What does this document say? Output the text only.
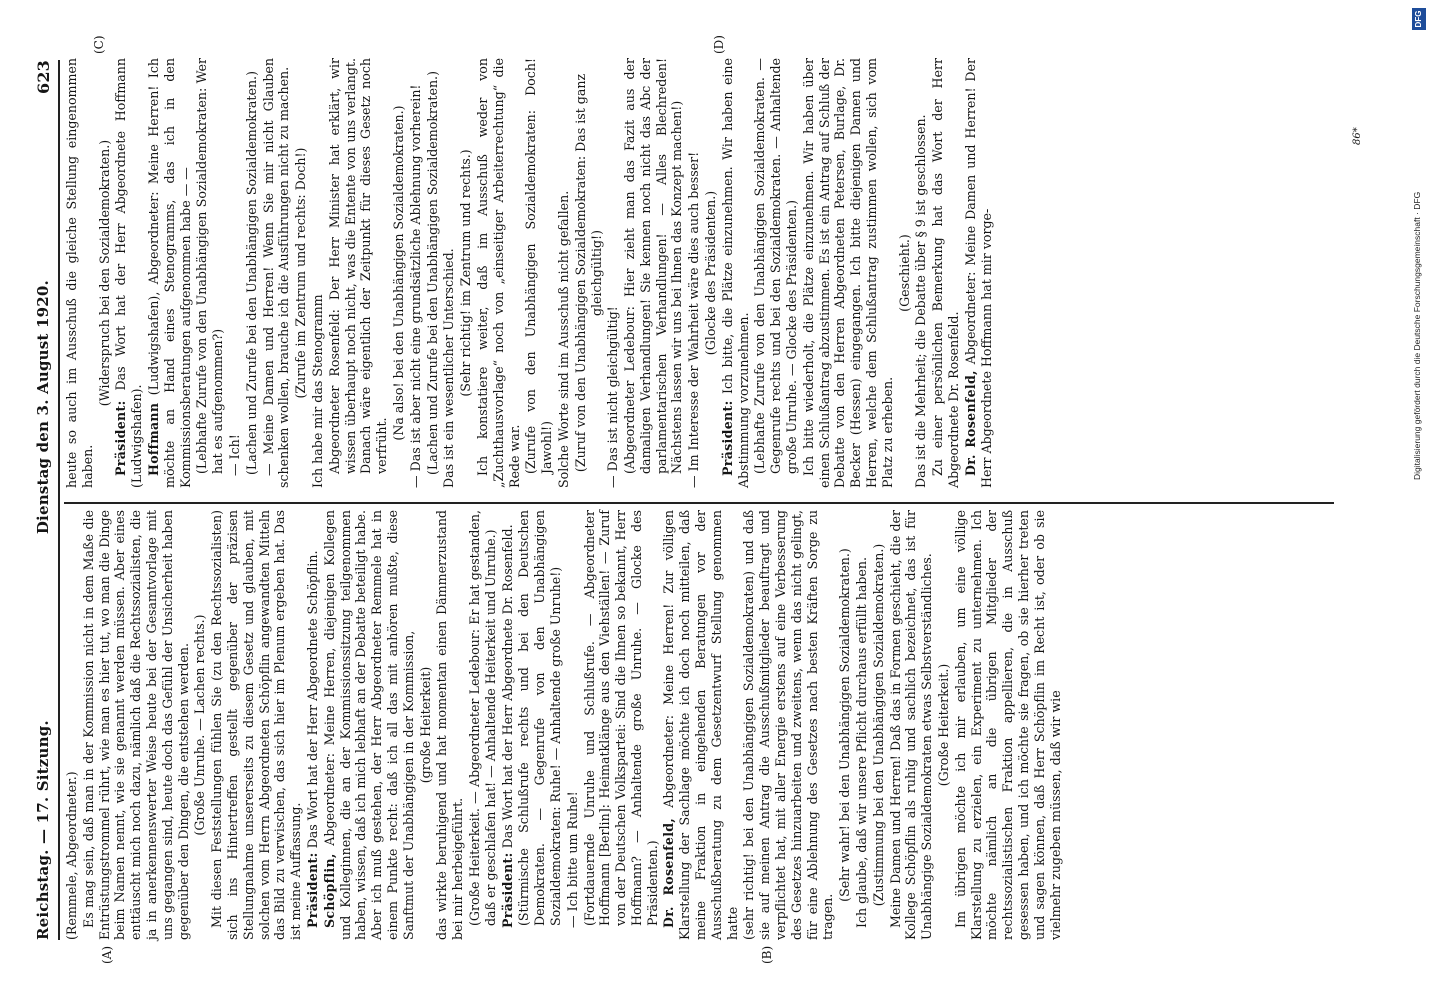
Reichstag. — 17. Sitzung.
Dienstag den 3. August 1920.
623
(A)	(B)
(C)	(D)

(Remmele, Abgeordneter.) Es mag sein, daß man in der Kommission nicht in dem Maße die Entrüstungstrommel rührt, wie man es hier tut, wo man die Dinge beim Namen nennt, wie sie genannt werden müssen. Aber eines enttäuscht mich noch dazu, nämlich daß die Rechtssozialisten, die ja in anerkennenswerter Weise heute bei der Gesamtvorlage mit uns gegangen sind, heute doch das Gefühl der Unsicherheit haben gegenüber den Dingen, die entstehen werden. (Große Unruhe. — Lachen rechts.) Mit diesen Feststellungen fühlen Sie (zu den Rechtssozialisten) sich ins Hintertreffen gestellt gegenüber der präzisen Stellungnahme unsererseits zu diesem Gesetz und glauben, mit solchen vom Herrn Abgeordneten Schöpflin angewandten Mitteln das Bild zu verwischen, das sich hier im Plenum ergeben hat. Das ist meine Auffassung. Präsident: Das Wort hat der Herr Abgeordnete Schöpflin.

Schöpflin, Abgeordneter: Meine Herren, diejenigen Kollegen und Kolleginnen, die an der Kommissionssitzung teilgenommen haben, wissen, daß ich mich lebhaft an der Debatte beteiligt habe. Aber ich muß gestehen, der Herr Abgeordneter Remmele hat in einem Punkte recht: daß ich all das mit anhören mußte, diese Sanftmut der Unabhängigen in der Kommission, (große Heiterkeit) das wirkte beruhigend und hat momentan einen Dämmerzustand bei mir herbeigeführt. (Große Heiterkeit. — Abgeordneter Ledebour: Er hat gestanden, daß er geschlafen hat! — Anhaltende Heiterkeit und Unruhe.) Präsident: Das Wort hat der Herr Abgeordnete Dr. Rosenfeld. (Stürmische Schlußrufe rechts und bei den Deutschen Demokraten. — Gegenrufe von den Unabhängigen Sozialdemokraten: Ruhe! — Anhaltende große Unruhe!) — Ich bitte um Ruhe! (Fortdauernde Unruhe und Schlußrufe. — Abgeordneter Hoffmann [Berlin]: Heimatklänge aus den Viehställen! — Zuruf von der Deutschen Volkspartei: Sind die Ihnen so bekannt, Herr Hoffmann? — Anhaltende große Unruhe. — Glocke des Präsidenten.) Dr. Rosenfeld, Abgeordneter: Meine Herren! Zur völligen Klarstellung der Sachlage möchte ich doch noch mitteilen, daß meine Fraktion in eingehenden Beratungen vor der Ausschußberatung zu dem Gesetzentwurf Stellung genommen hatte (sehr richtig! bei den Unabhängigen Sozialdemokraten) und daß sie auf meinen Antrag die Ausschußmitglieder beauftragt und verpflichtet hat, mit aller Energie erstens auf eine Verbesserung des Gesetzes hinzuarbeiten und zweitens, wenn das nicht gelingt, für eine Ablehnung des Gesetzes nach besten Kräften Sorge zu tragen.

(Sehr wahr! bei den Unabhängigen Sozialdemokraten.) Ich glaube, daß wir unsere Pflicht durchaus erfüllt haben. (Zustimmung bei den Unabhängigen Sozialdemokraten.) Meine Damen und Herren! Daß das in Formen geschieht, die der Kollege Schöpflin als ruhig und sachlich bezeichnet, das ist für Unabhängige Sozialdemokraten etwas Selbstverständliches. (Große Heiterkeit.) Im übrigen möchte ich mir erlauben, um eine völlige Klarstellung zu erzielen, ein Experiment zu unternehmen. Ich möchte nämlich an die übrigen Mitglieder der rechtssozialistischen Fraktion appellieren, die in Ausschuß gesessen haben, und ich möchte sie fragen, ob sie hierher treten und sagen können, daß Herr Schöpflin im Recht ist, oder ob sie vielmehr zugeben müssen, daß wir wie

heute so auch im Ausschuß die gleiche Stellung eingenommen haben.

(Widerspruch bei den Sozialdemokraten.)

Präsident: Das Wort hat der Herr Abgeordnete Hoffmann (Ludwigshafen). Hoffmann (Ludwigshafen), Abgeordneter: Meine Herren! Ich möchte an Hand eines Stenogramms, das ich in den Kommissionsberatungen aufgenommen habe — — (Lebhafte Zurufe von den Unabhängigen Sozialdemokraten: Wer hat es aufgenommen?) — Ich! (Lachen und Zurufe bei den Unabhängigen Sozialdemokraten.) — Meine Damen und Herren! Wenn Sie mir nicht Glauben schenken wollen, brauche ich die Ausführungen nicht zu machen. (Zurufe im Zentrum und rechts: Doch!) Ich habe mir das Stenogramm Abgeordneter Rosenfeld: Der Herr Minister hat erklärt, wir wissen überhaupt noch nicht, was die Entente von uns verlangt. Danach wäre eigentlich der Zeitpunkt für dieses Gesetz noch verfrüht.

(Na also! bei den Unabhängigen Sozialdemokraten.) — Das ist aber nicht eine grundsätzliche Ablehnung vorherein! (Lachen und Zurufe bei den Unabhängigen Sozialdemokraten.) Das ist ein wesentlicher Unterschied. (Sehr richtig! im Zentrum und rechts.) Ich konstatiere weiter, daß im Ausschuß weder von „Zuchthausvorlage“ noch von „einseitiger Arbeiterrechtung“ die Rede war. (Zurufe von den Unabhängigen Sozialdemokraten: Doch! Jawohl!) Solche Worte sind im Ausschuß nicht gefallen. (Zuruf von den Unabhängigen Sozialdemokraten: Das ist ganz gleichgültig!)

— Das ist nicht gleichgültig! (Abgeordneter Ledebour: Hier zieht man das Fazit aus der damaligen Verhandlungen! Sie kennen noch nicht das Abc der parlamentarischen Verhandlungen! — Alles Blechreden! Nächstens lassen wir uns bei Ihnen das Konzept machen!) — Im Interesse der Wahrheit wäre dies auch besser! (Glocke des Präsidenten.)

Präsident: Ich bitte, die Plätze einzunehmen. Wir haben eine Abstimmung vorzunehmen. (Lebhafte Zurufe von den Unabhängigen Sozialdemokraten. — Gegenrufe rechts und bei den Sozialdemokraten. — Anhaltende große Unruhe. — Glocke des Präsidenten.) Ich bitte wiederholt, die Plätze einzunehmen. Wir haben über einen Schlußantrag abzustimmen. Es ist ein Antrag auf Schluß der Debatte von den Herren Abgeordneten Petersen, Burlage, Dr. Becker (Hessen) eingegangen. Ich bitte diejenigen Damen und Herren, welche dem Schlußantrag zustimmen wollen, sich vom Platz zu erheben.

(Geschieht.) Das ist die Mehrheit; die Debatte über § 9 ist geschlossen. Zu einer persönlichen Bemerkung hat das Wort der Herr Abgeordnete Dr. Rosenfeld. Dr. Rosenfeld, Abgeordneter: Meine Damen und Herren! Der Herr Abgeordnete Hoffmann hat mir vorge-

86*
Digitalisierung gefördert durch die Deutsche Forschungsgemeinschaft · DFG
DFG
